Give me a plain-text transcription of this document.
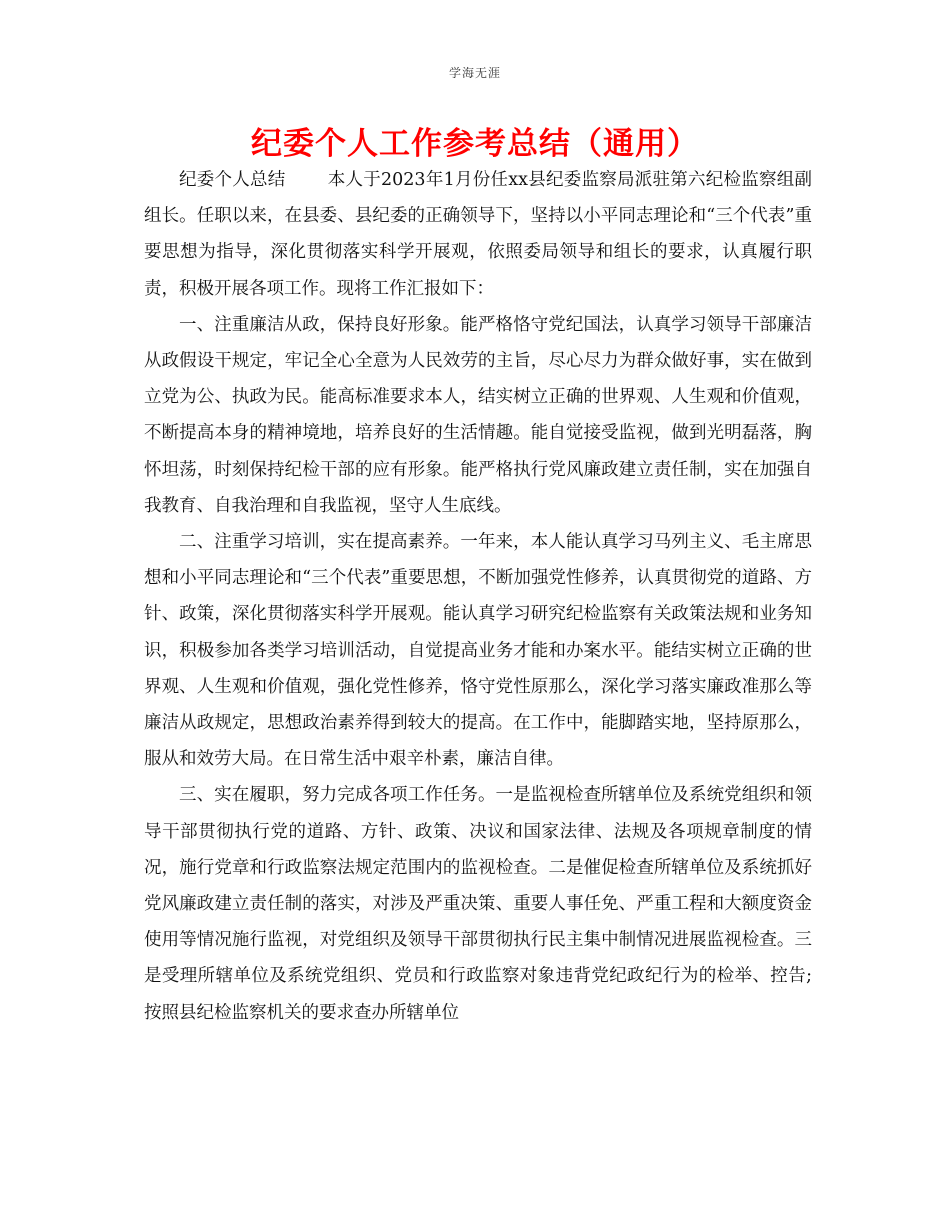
学海无涯
纪委个人工作参考总结（通用）

纪委个人总结 本人于2023年1月份任xx县纪委监察局派驻第六纪检监察组副组长。任职以来，在县委、县纪委的正确领导下，坚持以小平同志理论和“三个代表”重要思想为指导，深化贯彻落实科学开展观，依照委局领导和组长的要求，认真履行职责，积极开展各项工作。现将工作汇报如下：

一、注重廉洁从政，保持良好形象。能严格恪守党纪国法，认真学习领导干部廉洁从政假设干规定，牢记全心全意为人民效劳的主旨，尽心尽力为群众做好事，实在做到立党为公、执政为民。能高标准要求本人，结实树立正确的世界观、人生观和价值观，不断提高本身的精神境地，培养良好的生活情趣。能自觉接受监视，做到光明磊落，胸怀坦荡，时刻保持纪检干部的应有形象。能严格执行党风廉政建立责任制，实在加强自我教育、自我治理和自我监视，坚守人生底线。

二、注重学习培训，实在提高素养。一年来，本人能认真学习马列主义、毛主席思想和小平同志理论和“三个代表”重要思想，不断加强党性修养，认真贯彻党的道路、方针、政策，深化贯彻落实科学开展观。能认真学习研究纪检监察有关政策法规和业务知识，积极参加各类学习培训活动，自觉提高业务才能和办案水平。能结实树立正确的世界观、人生观和价值观，强化党性修养，恪守党性原那么，深化学习落实廉政准那么等廉洁从政规定，思想政治素养得到较大的提高。在工作中，能脚踏实地，坚持原那么，服从和效劳大局。在日常生活中艰辛朴素，廉洁自律。

三、实在履职，努力完成各项工作任务。一是监视检查所辖单位及系统党组织和领导干部贯彻执行党的道路、方针、政策、决议和国家法律、法规及各项规章制度的情况，施行党章和行政监察法规定范围内的监视检查。二是催促检查所辖单位及系统抓好党风廉政建立责任制的落实，对涉及严重决策、重要人事任免、严重工程和大额度资金使用等情况施行监视，对党组织及领导干部贯彻执行民主集中制情况进展监视检查。三是受理所辖单位及系统党组织、党员和行政监察对象违背党纪政纪行为的检举、控告;按照县纪检监察机关的要求查办所辖单位
